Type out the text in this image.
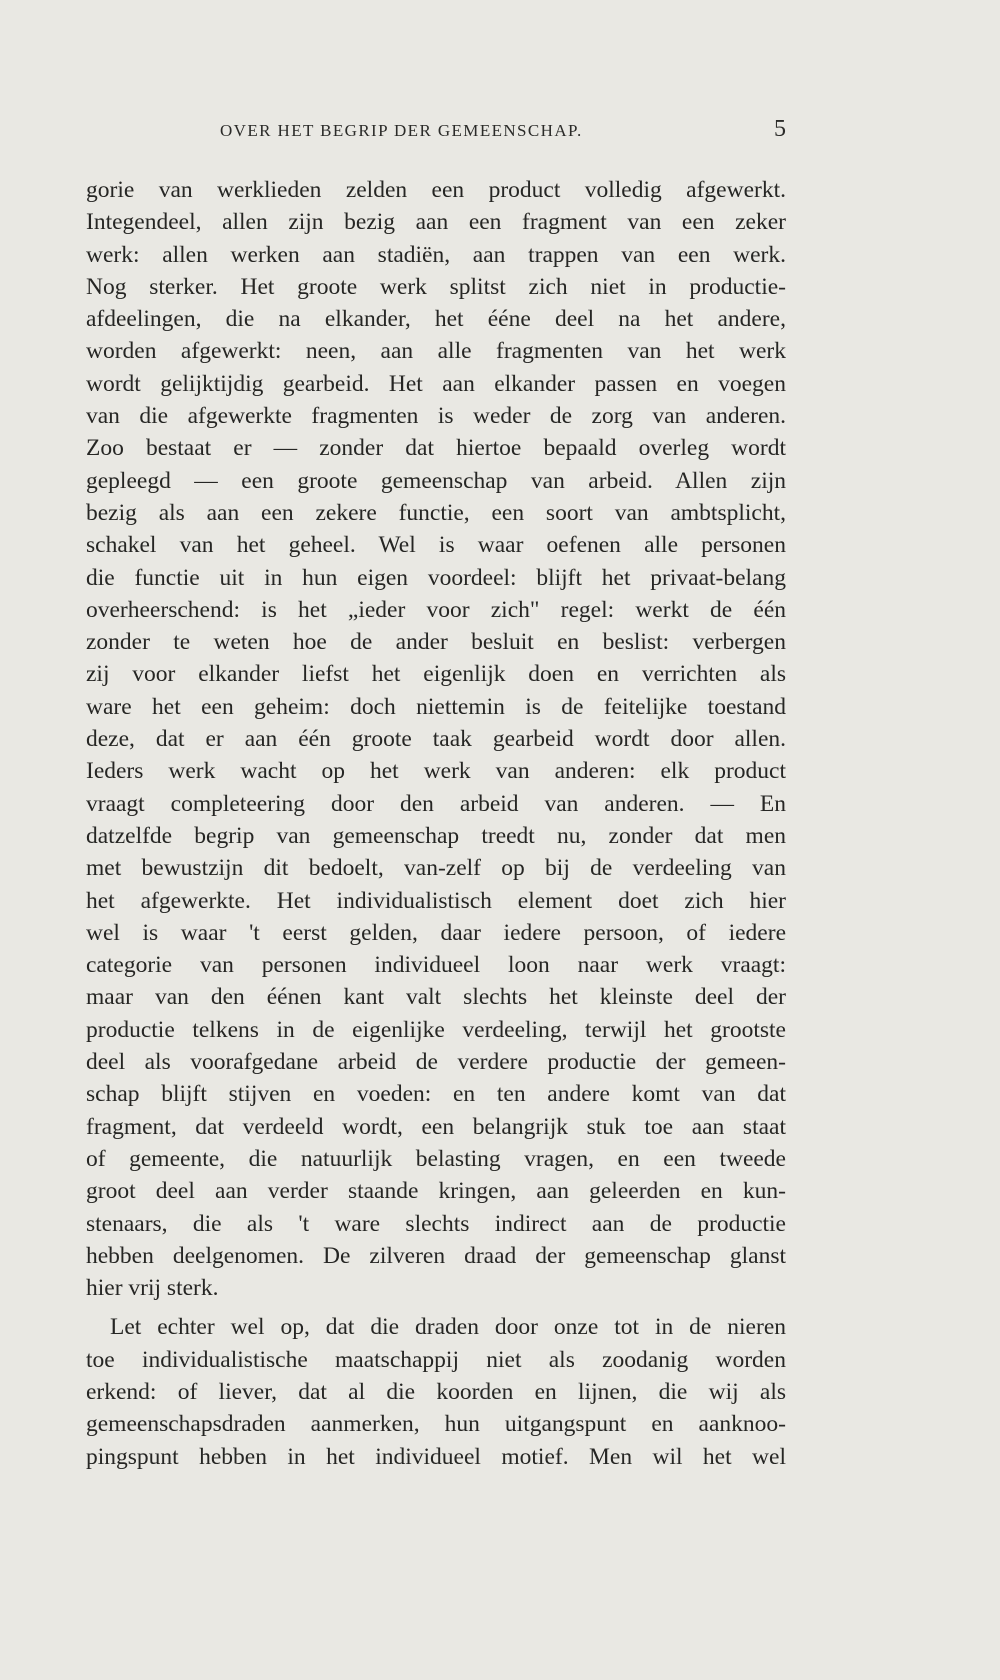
OVER HET BEGRIP DER GEMEENSCHAP.	5
gorie van werklieden zelden een product volledig afgewerkt.
Integendeel, allen zijn bezig aan een fragment van een zeker
werk: allen werken aan stadiën, aan trappen van een werk.
Nog sterker. Het groote werk splitst zich niet in productie-
afdeelingen, die na elkander, het ééne deel na het andere,
worden afgewerkt: neen, aan alle fragmenten van het werk
wordt gelijktijdig gearbeid. Het aan elkander passen en voegen
van die afgewerkte fragmenten is weder de zorg van anderen.
Zoo bestaat er — zonder dat hiertoe bepaald overleg wordt
gepleegd — een groote gemeenschap van arbeid. Allen zijn
bezig als aan een zekere functie, een soort van ambtsplicht,
schakel van het geheel. Wel is waar oefenen alle personen
die functie uit in hun eigen voordeel: blijft het privaat-belang
overheerschend: is het „ieder voor zich" regel: werkt de één
zonder te weten hoe de ander besluit en beslist: verbergen
zij voor elkander liefst het eigenlijk doen en verrichten als
ware het een geheim: doch niettemin is de feitelijke toestand
deze, dat er aan één groote taak gearbeid wordt door allen.
Ieders werk wacht op het werk van anderen: elk product
vraagt completeering door den arbeid van anderen. — En
datzelfde begrip van gemeenschap treedt nu, zonder dat men
met bewustzijn dit bedoelt, van-zelf op bij de verdeeling van
het afgewerkte. Het individualistisch element doet zich hier
wel is waar 't eerst gelden, daar iedere persoon, of iedere
categorie van personen individueel loon naar werk vraagt:
maar van den éénen kant valt slechts het kleinste deel der
productie telkens in de eigenlijke verdeeling, terwijl het grootste
deel als voorafgedane arbeid de verdere productie der gemeen-
schap blijft stijven en voeden: en ten andere komt van dat
fragment, dat verdeeld wordt, een belangrijk stuk toe aan staat
of gemeente, die natuurlijk belasting vragen, en een tweede
groot deel aan verder staande kringen, aan geleerden en kun-
stenaars, die als 't ware slechts indirect aan de productie
hebben deelgenomen. De zilveren draad der gemeenschap glanst
hier vrij sterk.
Let echter wel op, dat die draden door onze tot in de nieren
toe individualistische maatschappij niet als zoodanig worden
erkend: of liever, dat al die koorden en lijnen, die wij als
gemeenschapsdraden aanmerken, hun uitgangspunt en aanknoo-
pingspunt hebben in het individueel motief. Men wil het wel
